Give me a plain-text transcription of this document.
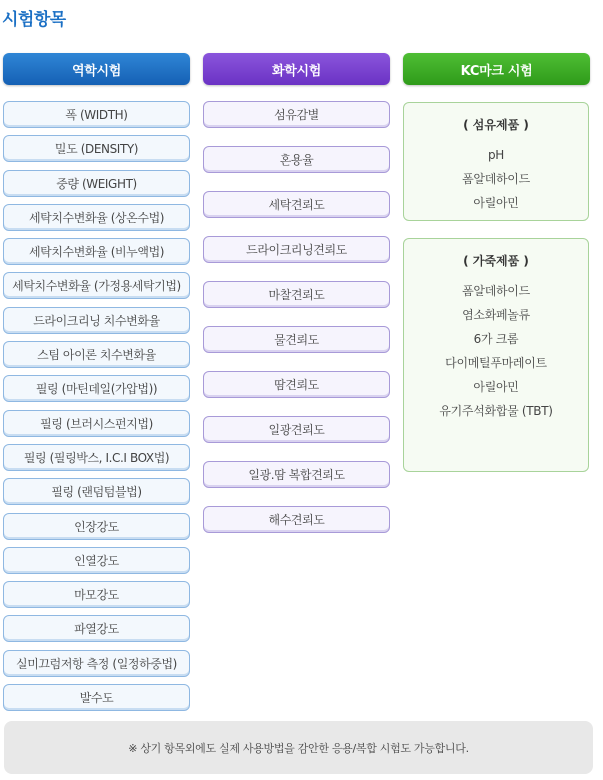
시험항목
역학시험
폭 (WIDTH)
밀도 (DENSITY)
중량 (WEIGHT)
세탁치수변화율 (상온수법)
세탁치수변화율 (비누액법)
세탁치수변화율 (가정용세탁기법)
드라이크리닝 치수변화율
스팀 아이론 치수변화율
필링 (마틴데일(가압법))
필링 (브러시스펀지법)
필링 (필링박스, I.C.I BOX법)
필링 (랜덤텀블법)
인장강도
인열강도
마모강도
파열강도
실미끄럼저항 측정 (일정하중법)
발수도
화학시험
섬유감별
혼용율
세탁견뢰도
드라이크리닝견뢰도
마찰견뢰도
물견뢰도
땀견뢰도
일광견뢰도
일광.땀 복합견뢰도
해수견뢰도
KC마크 시험
( 섬유제품 )
pH
폼알데하이드
아릴아민
( 가죽제품 )
폼알데하이드
염소화페놀류
6가 크롬
다이메틸푸마레이트
아릴아민
유기주석화합물 (TBT)
※ 상기 항목외에도 실제 사용방법을 감안한 응용/복합 시험도 가능합니다.
